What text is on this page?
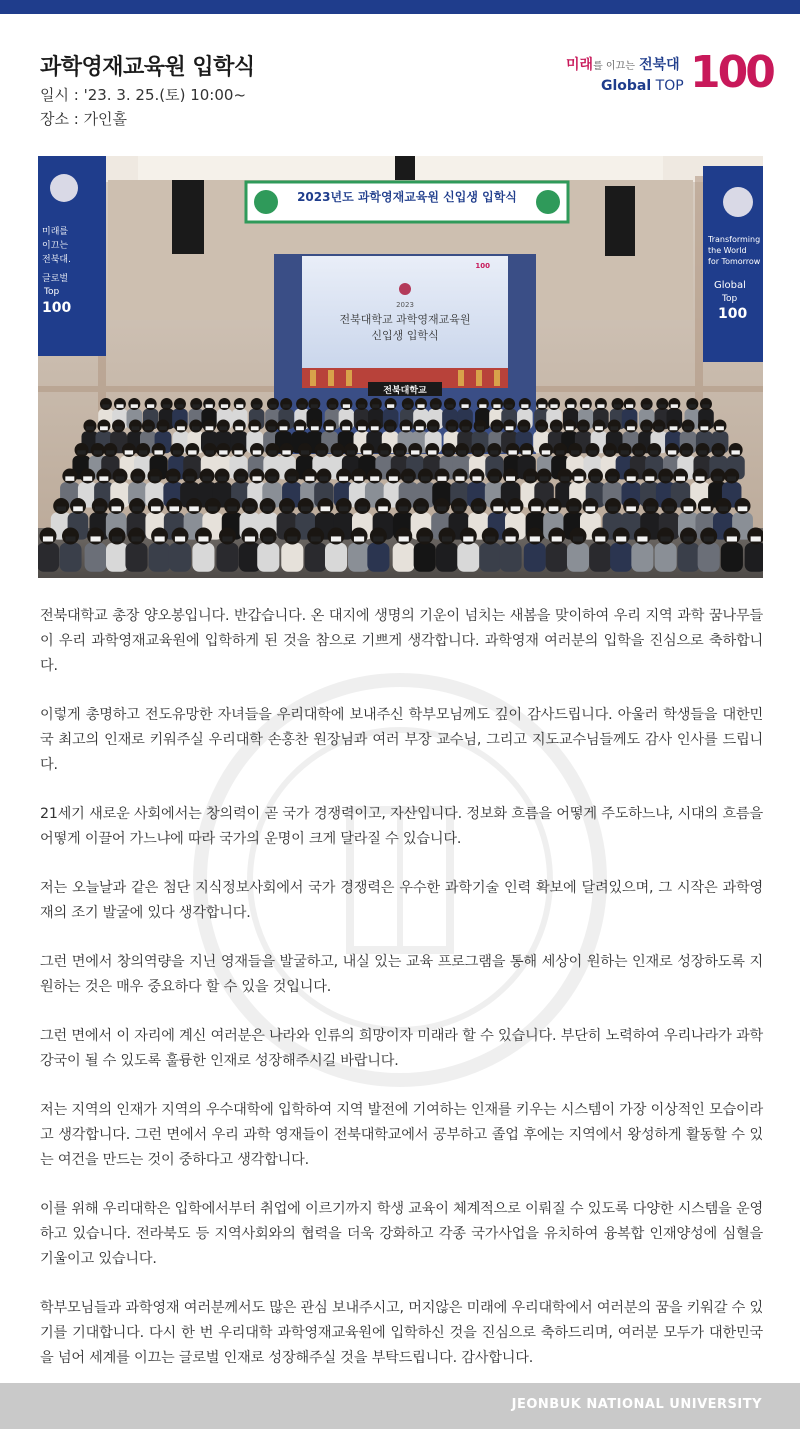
과학영재교육원 입학식
일시 : '23. 3. 25.(토) 10:00~
장소 : 가인홀
미래를 이끄는 전북대
Global TOP 100
미래를
이끄는
전북대.
글로벌
Top
100
Transforming
the World
for Tomorrow
Global
Top
100
2023년도 과학영재교육원 신입생 입학식
100
2023
전북대학교 과학영재교육원
신입생 입학식
전북대학교

전북대학교 총장 양오봉입니다. 반갑습니다. 온 대지에 생명의 기운이 넘치는 새봄을 맞이하여 우리 지역 과학 꿈나무들이 우리 과학영재교육원에 입학하게 된 것을 참으로 기쁘게 생각합니다. 과학영재 여러분의 입학을 진심으로 축하합니다.

이렇게 총명하고 전도유망한 자녀들을 우리대학에 보내주신 학부모님께도 깊이 감사드립니다. 아울러 학생들을 대한민국 최고의 인재로 키워주실 우리대학 손홍찬 원장님과 여러 부장 교수님, 그리고 지도교수님들께도 감사 인사를 드립니다.

21세기 새로운 사회에서는 창의력이 곧 국가 경쟁력이고, 자산입니다. 정보화 흐름을 어떻게 주도하느냐, 시대의 흐름을 어떻게 이끌어 가느냐에 따라 국가의 운명이 크게 달라질 수 있습니다.

저는 오늘날과 같은 첨단 지식정보사회에서 국가 경쟁력은 우수한 과학기술 인력 확보에 달려있으며, 그 시작은 과학영재의 조기 발굴에 있다 생각합니다.

그런 면에서 창의역량을 지닌 영재들을 발굴하고, 내실 있는 교육 프로그램을 통해 세상이 원하는 인재로 성장하도록 지원하는 것은 매우 중요하다 할 수 있을 것입니다.

그런 면에서 이 자리에 계신 여러분은 나라와 인류의 희망이자 미래라 할 수 있습니다. 부단히 노력하여 우리나라가 과학강국이 될 수 있도록 훌륭한 인재로 성장해주시길 바랍니다.

저는 지역의 인재가 지역의 우수대학에 입학하여 지역 발전에 기여하는 인재를 키우는 시스템이 가장 이상적인 모습이라고 생각합니다. 그런 면에서 우리 과학 영재들이 전북대학교에서 공부하고 졸업 후에는 지역에서 왕성하게 활동할 수 있는 여건을 만드는 것이 중하다고 생각합니다.

이를 위해 우리대학은 입학에서부터 취업에 이르기까지 학생 교육이 체계적으로 이뤄질 수 있도록 다양한 시스템을 운영하고 있습니다. 전라북도 등 지역사회와의 협력을 더욱 강화하고 각종 국가사업을 유치하여 융복합 인재양성에 심혈을 기울이고 있습니다.

학부모님들과 과학영재 여러분께서도 많은 관심 보내주시고, 머지않은 미래에 우리대학에서 여러분의 꿈을 키워갈 수 있기를 기대합니다. 다시 한 번 우리대학 과학영재교육원에 입학하신 것을 진심으로 축하드리며, 여러분 모두가 대한민국을 넘어 세계를 이끄는 글로벌 인재로 성장해주실 것을 부탁드립니다. 감사합니다.

JEONBUK NATIONAL UNIVERSITY
